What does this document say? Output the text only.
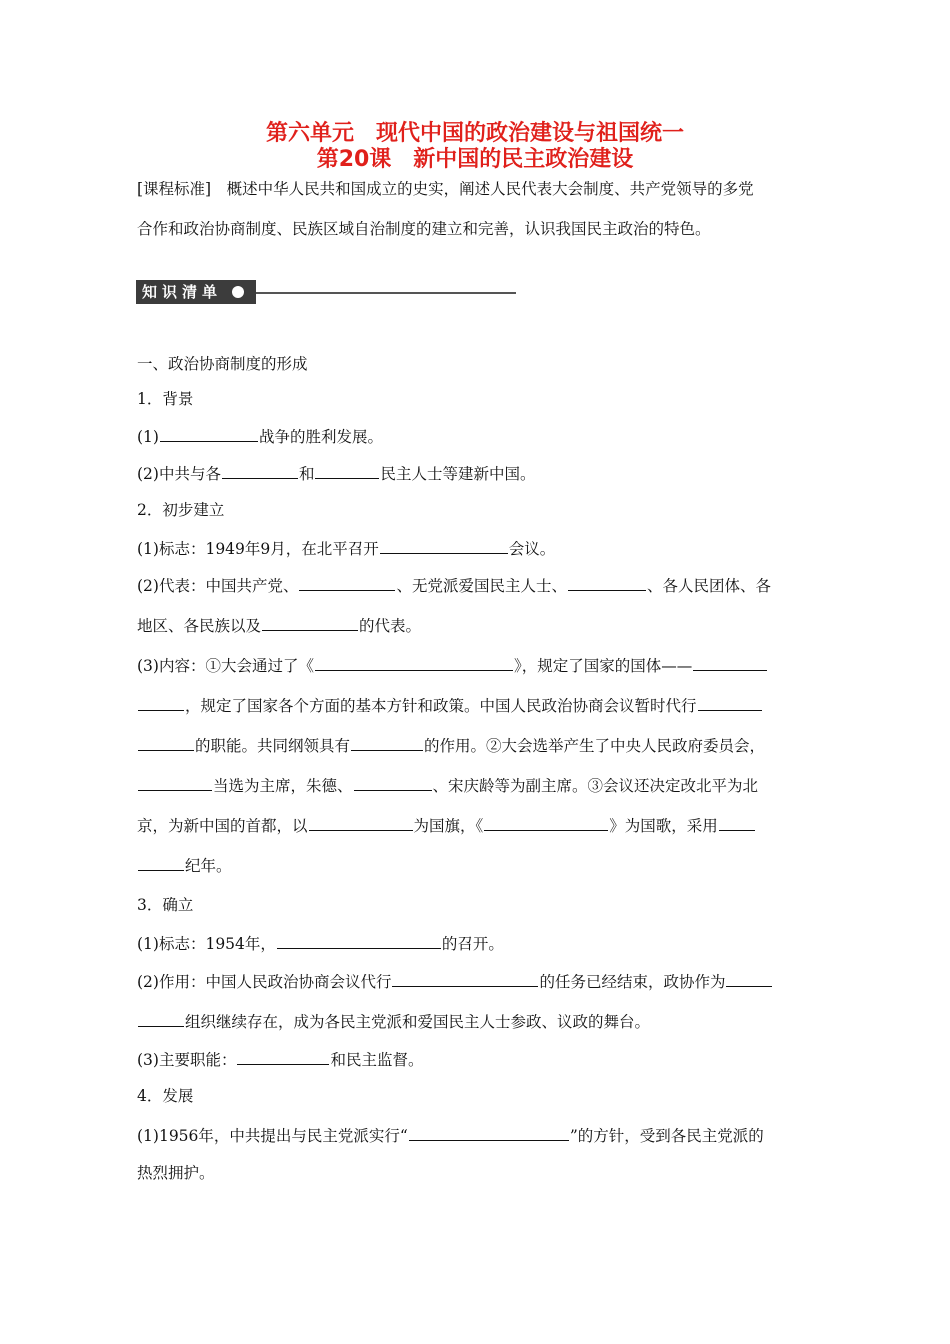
第六单元　现代中国的政治建设与祖国统一
第20课　新中国的民主政治建设
[课程标准]　概述中华人民共和国成立的史实，阐述人民代表大会制度、共产党领导的多党
合作和政治协商制度、民族区域自治制度的建立和完善，认识我国民主政治的特色。
知识清单
一、政治协商制度的形成
1．背景
(1)	战争的胜利发展。
(2)中共与各	和	民主人士等建新中国。
2．初步建立
(1)标志：1949年9月，在北平召开	会议。
(2)代表：中国共产党、	、无党派爱国民主人士、	、各人民团体、各
地区、各民族以及	的代表。
(3)内容：①大会通过了《	》，规定了国家的国体——
，规定了国家各个方面的基本方针和政策。中国人民政治协商会议暂时代行
的职能。共同纲领具有	的作用。②大会选举产生了中央人民政府委员会，
当选为主席，朱德、	、宋庆龄等为副主席。③会议还决定改北平为北
京，为新中国的首都，以	为国旗，《	》为国歌，采用
纪年。
3．确立
(1)标志：1954年，	的召开。
(2)作用：中国人民政治协商会议代行	的任务已经结束，政协作为
组织继续存在，成为各民主党派和爱国民主人士参政、议政的舞台。
(3)主要职能：	和民主监督。
4．发展
(1)1956年，中共提出与民主党派实行“	”的方针，受到各民主党派的
热烈拥护。
